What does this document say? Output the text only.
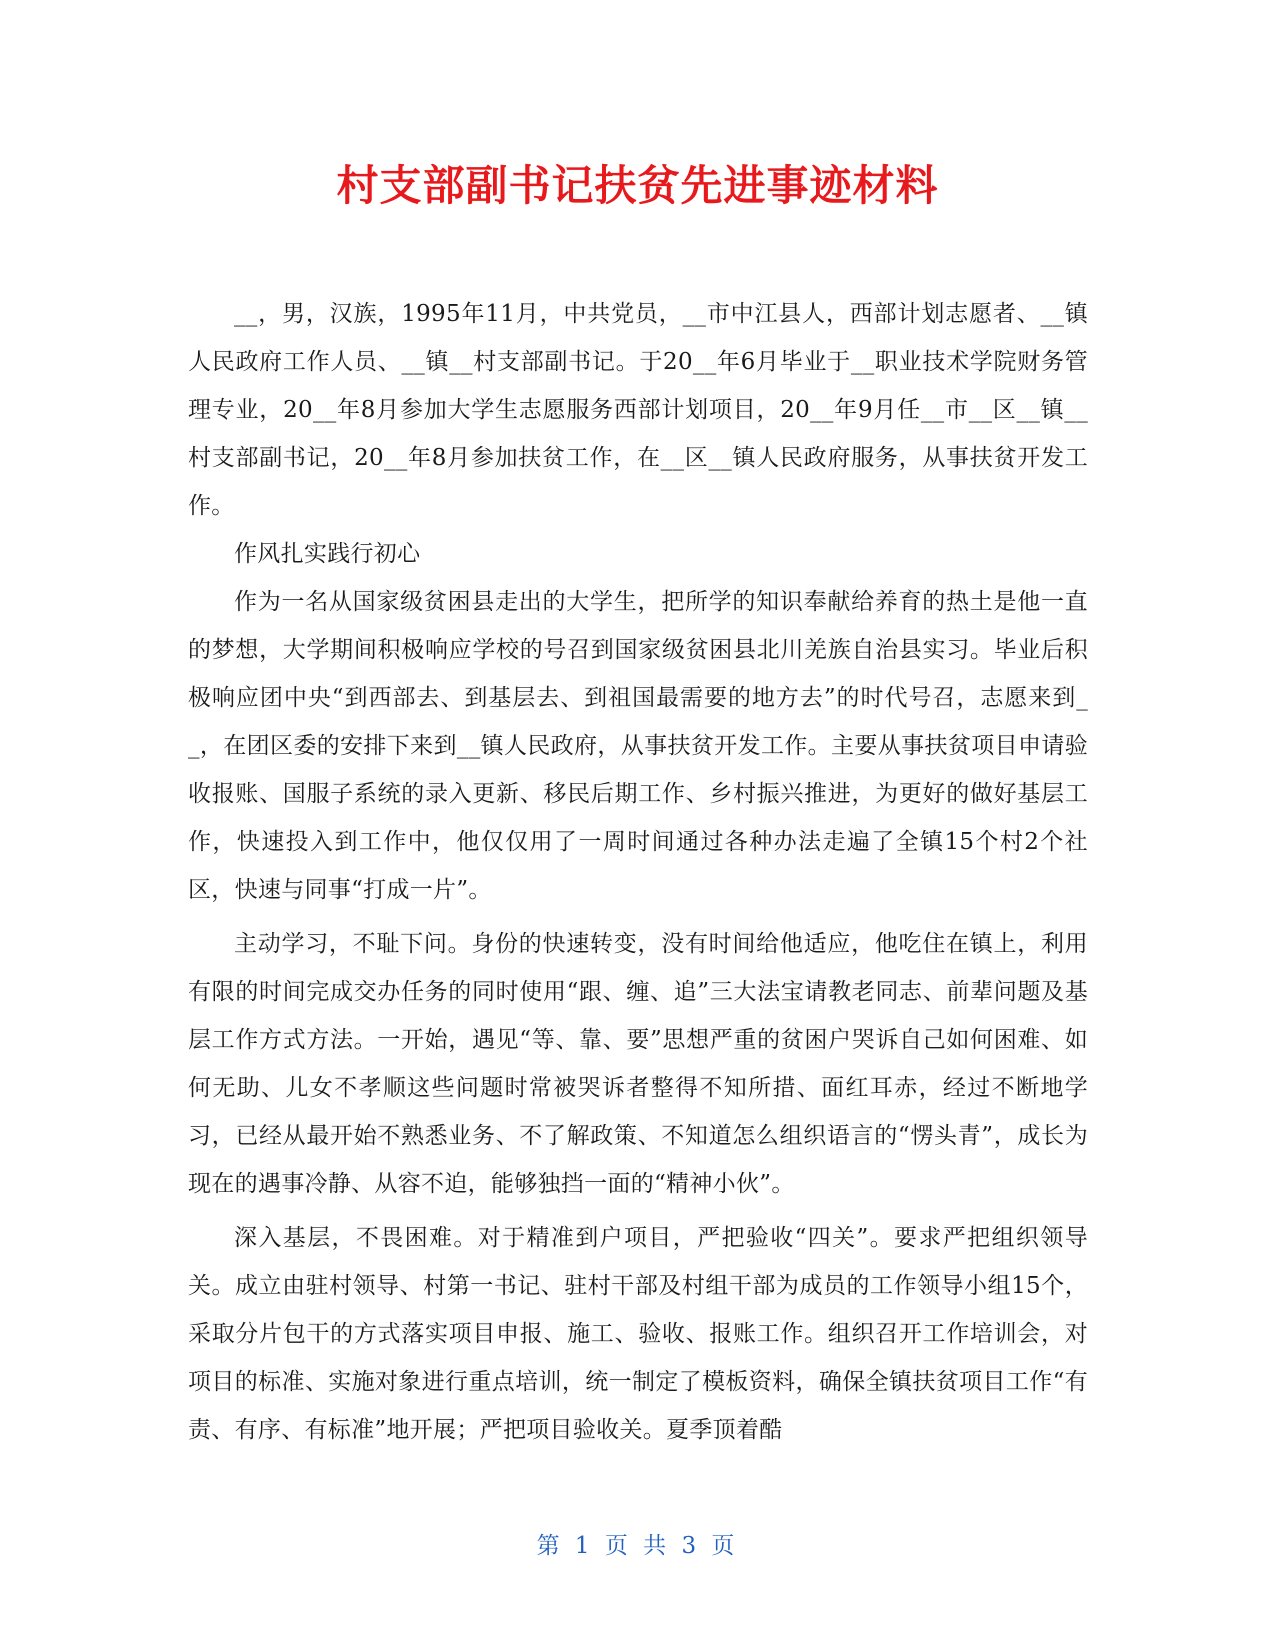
村支部副书记扶贫先进事迹材料

__，男，汉族，1995年11月，中共党员，__市中江县人，西部计划志愿者、__镇人民政府工作人员、__镇__村支部副书记。于20__年6月毕业于__职业技术学院财务管理专业，20__年8月参加大学生志愿服务西部计划项目，20__年9月任__市__区__镇__村支部副书记，20__年8月参加扶贫工作，在__区__镇人民政府服务，从事扶贫开发工作。

作风扎实践行初心

作为一名从国家级贫困县走出的大学生，把所学的知识奉献给养育的热土是他一直的梦想，大学期间积极响应学校的号召到国家级贫困县北川羌族自治县实习。毕业后积极响应团中央“到西部去、到基层去、到祖国最需要的地方去”的时代号召，志愿来到__，在团区委的安排下来到__镇人民政府，从事扶贫开发工作。主要从事扶贫项目申请验收报账、国服子系统的录入更新、移民后期工作、乡村振兴推进，为更好的做好基层工作，快速投入到工作中，他仅仅用了一周时间通过各种办法走遍了全镇15个村2个社区，快速与同事“打成一片”。

主动学习，不耻下问。身份的快速转变，没有时间给他适应，他吃住在镇上，利用有限的时间完成交办任务的同时使用“跟、缠、追”三大法宝请教老同志、前辈问题及基层工作方式方法。一开始，遇见“等、靠、要”思想严重的贫困户哭诉自己如何困难、如何无助、儿女不孝顺这些问题时常被哭诉者整得不知所措、面红耳赤，经过不断地学习，已经从最开始不熟悉业务、不了解政策、不知道怎么组织语言的“愣头青”，成长为现在的遇事冷静、从容不迫，能够独挡一面的“精神小伙”。

深入基层，不畏困难。对于精准到户项目，严把验收“四关”。要求严把组织领导关。成立由驻村领导、村第一书记、驻村干部及村组干部为成员的工作领导小组15个，采取分片包干的方式落实项目申报、施工、验收、报账工作。组织召开工作培训会，对项目的标准、实施对象进行重点培训，统一制定了模板资料，确保全镇扶贫项目工作“有责、有序、有标准”地开展；严把项目验收关。夏季顶着酷

第 1 页 共 3 页
